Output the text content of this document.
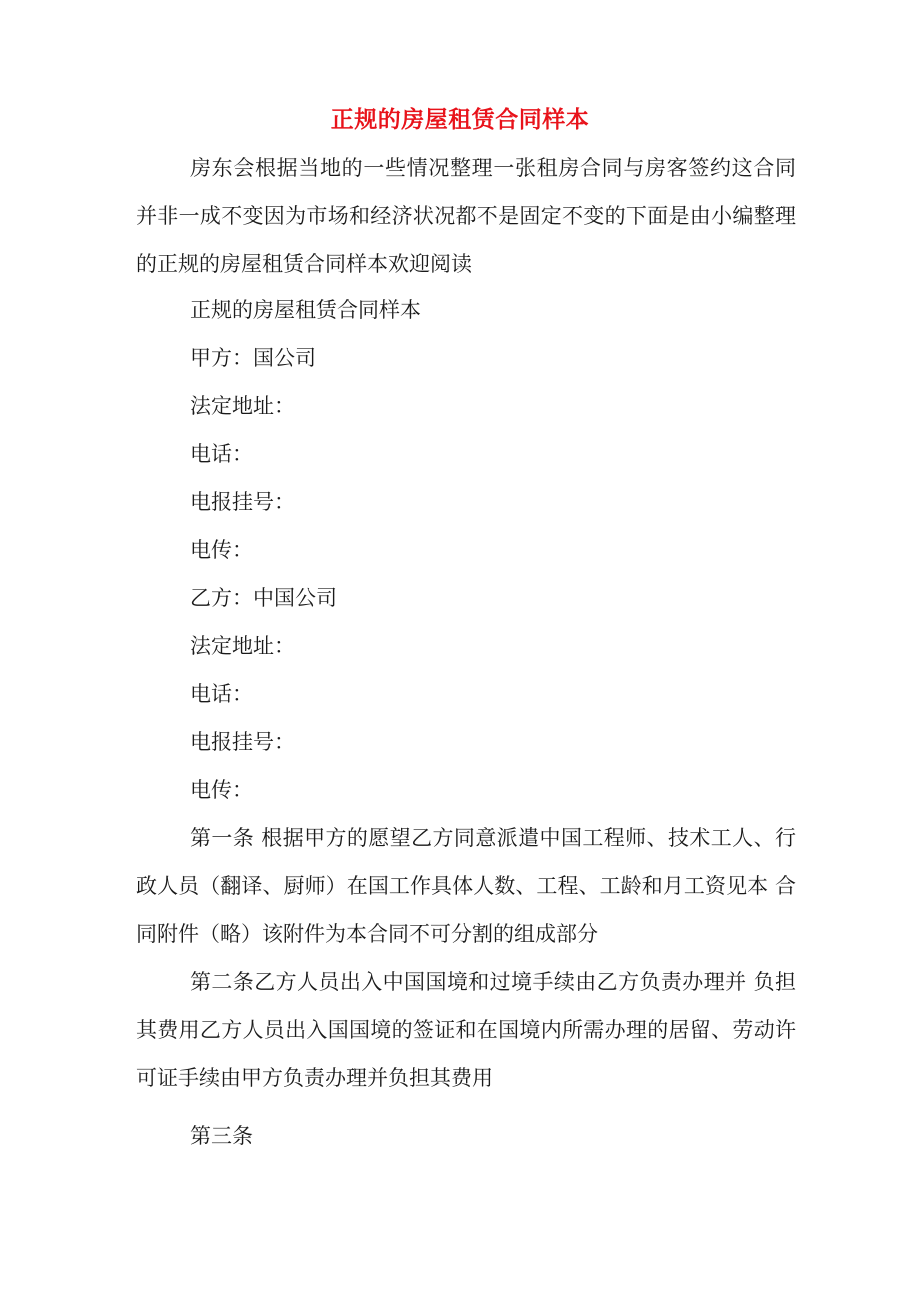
正规的房屋租赁合同样本

房东会根据当地的一些情况整理一张租房合同与房客签约这合同并非一成不变因为市场和经济状况都不是固定不变的下面是由小编整理的正规的房屋租赁合同样本欢迎阅读

正规的房屋租赁合同样本

甲方：国公司

法定地址：

电话：

电报挂号：

电传：

乙方：中国公司

法定地址：

电话：

电报挂号：

电传：

第一条 根据甲方的愿望乙方同意派遣中国工程师、技术工人、行政人员（翻译、厨师）在国工作具体人数、工程、工龄和月工资见本 合同附件（略）该附件为本合同不可分割的组成部分

第二条乙方人员出入中国国境和过境手续由乙方负责办理并 负担其费用乙方人员出入国国境的签证和在国境内所需办理的居留、劳动许可证手续由甲方负责办理并负担其费用

第三条
